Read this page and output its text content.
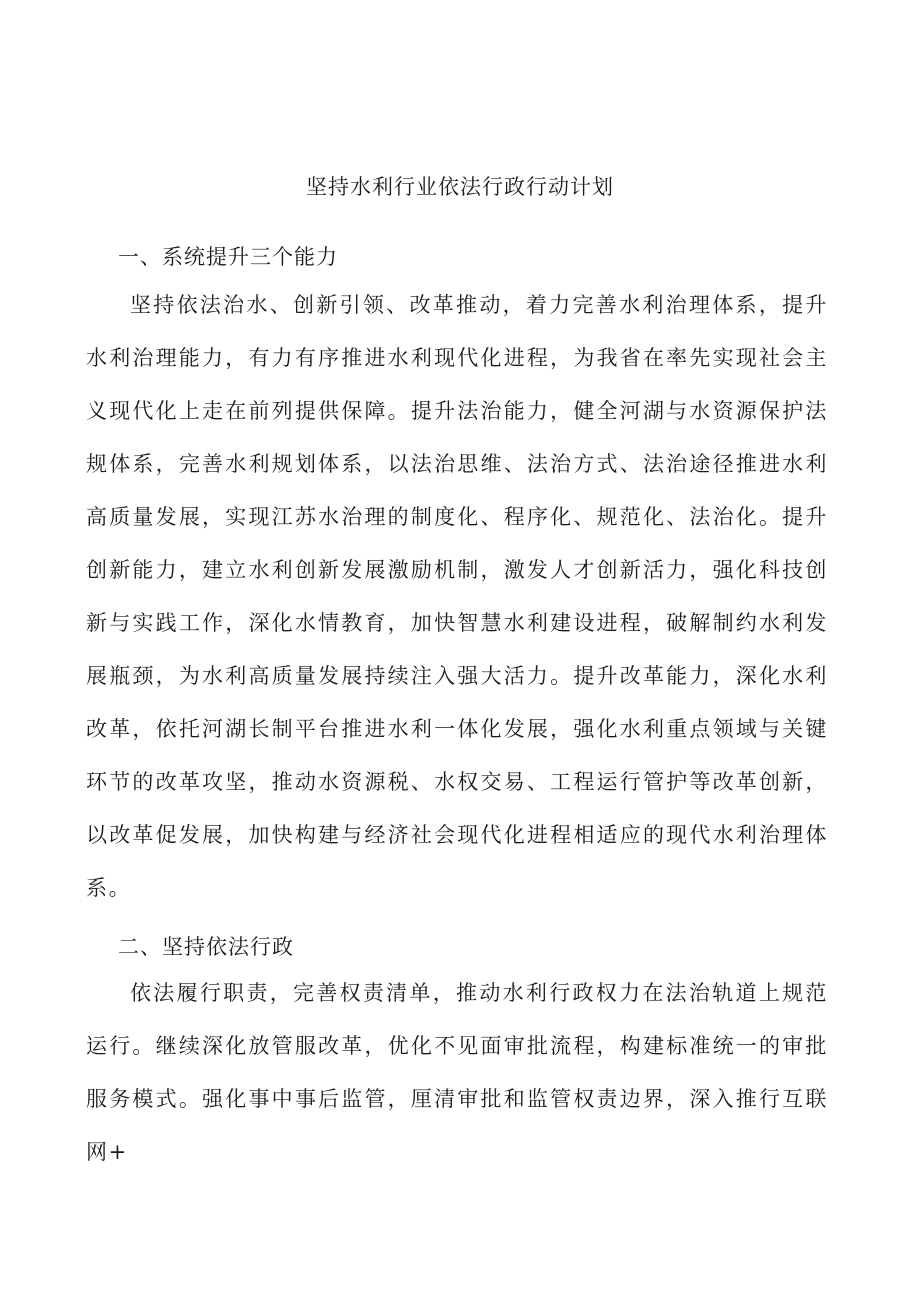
坚持水利行业依法行政行动计划
一、系统提升三个能力

坚持依法治水、创新引领、改革推动，着力完善水利治理体系，提升水利治理能力，有力有序推进水利现代化进程，为我省在率先实现社会主义现代化上走在前列提供保障。提升法治能力，健全河湖与水资源保护法规体系，完善水利规划体系，以法治思维、法治方式、法治途径推进水利高质量发展，实现江苏水治理的制度化、程序化、规范化、法治化。提升创新能力，建立水利创新发展激励机制，激发人才创新活力，强化科技创新与实践工作，深化水情教育，加快智慧水利建设进程，破解制约水利发展瓶颈，为水利高质量发展持续注入强大活力。提升改革能力，深化水利改革，依托河湖长制平台推进水利一体化发展，强化水利重点领域与关键环节的改革攻坚，推动水资源税、水权交易、工程运行管护等改革创新，以改革促发展，加快构建与经济社会现代化进程相适应的现代水利治理体系。

二、坚持依法行政

依法履行职责，完善权责清单，推动水利行政权力在法治轨道上规范运行。继续深化放管服改革，优化不见面审批流程，构建标准统一的审批服务模式。强化事中事后监管，厘清审批和监管权责边界，深入推行互联网+
